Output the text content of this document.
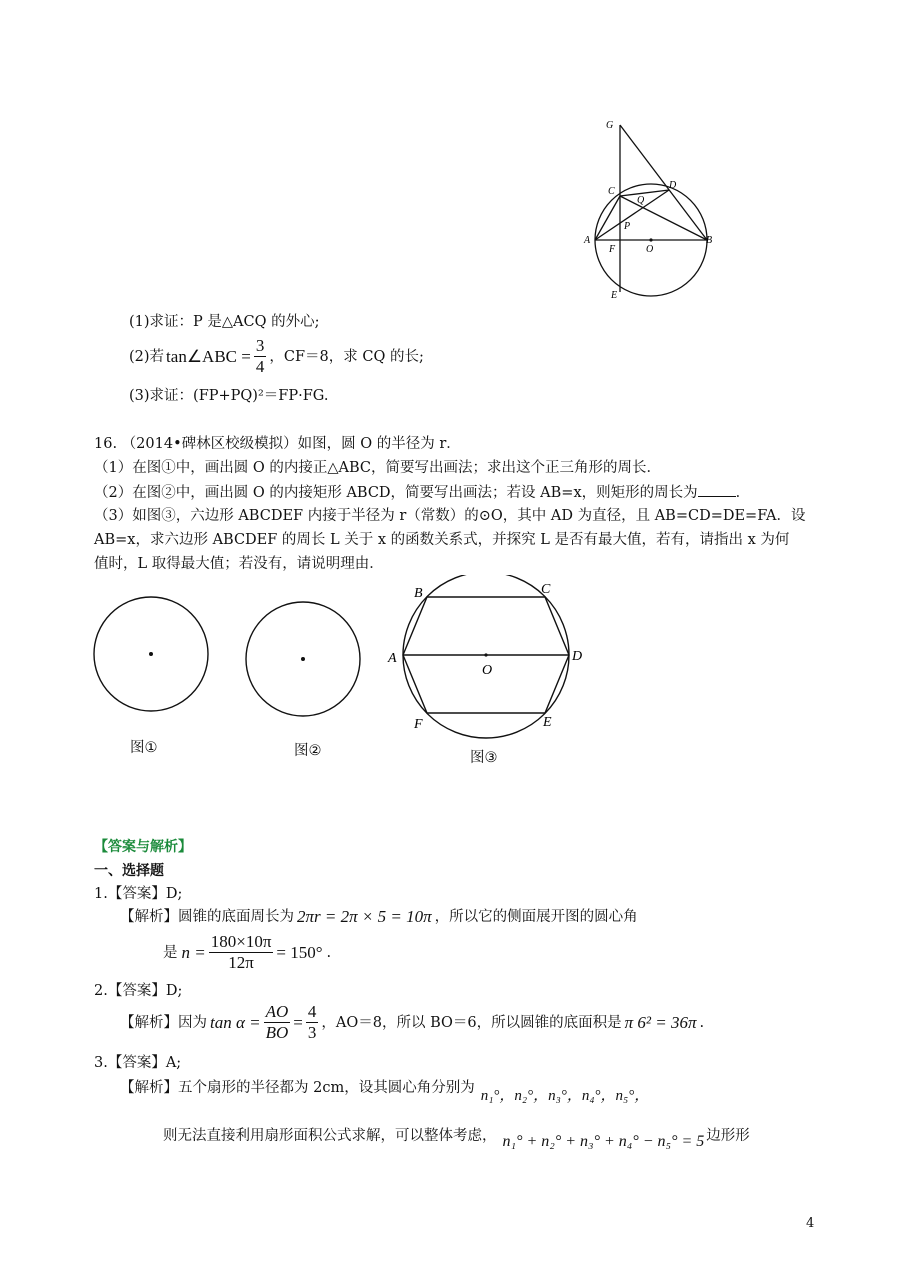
G
C
D
Q
P
A
F	O
B
E
(1)求证：P 是△ACQ 的外心;
(2)若 tan∠ABC = $\frac{3}{4}$ ，CF＝8，求 CQ 的长;
(3)求证：(FP+PQ)²＝FP·FG.
16. （2014•碑林区校级模拟）如图，圆 O 的半径为 r．
（1）在图①中，画出圆 O 的内接正△ABC，简要写出画法；求出这个正三角形的周长．
（2）在图②中，画出圆 O 的内接矩形 ABCD，简要写出画法；若设 AB=x，则矩形的周长为	．
（3）如图③，六边形 ABCDEF 内接于半径为 r（常数）的⊙O，其中 AD 为直径，且 AB=CD=DE=FA．设
AB=x，求六边形 ABCDEF 的周长 L 关于 x 的函数关系式，并探究 L 是否有最大值，若有，请指出 x 为何
值时，L 取得最大值；若没有，请说明理由．
图①	图②
B	C
A	D
O
F	E
图③
【答案与解析】
一、选择题
1.【答案】D;
【解析】圆锥的底面周长为 2πr = 2π × 5 = 10π ，所以它的侧面展开图的圆心角
是 $n = \frac{180\times 10\pi}{12\pi} = 150^\circ$ .
2.【答案】D;
【解析】因为 $\tan \alpha = \frac{AO}{BO} = \frac{4}{3}$ ，AO＝8，所以 BO＝6，所以圆锥的底面积是 π 6² = 36π .
3.【答案】A;
【解析】五个扇形的半径都为 2cm，设其圆心角分别为 n₁°，n₂°，n₃°，n₄°，n₅°，
则无法直接利用扇形面积公式求解，可以整体考虑， n₁° + n₂° + n₃° + n₄° − n₅° = 5 边形形
4
